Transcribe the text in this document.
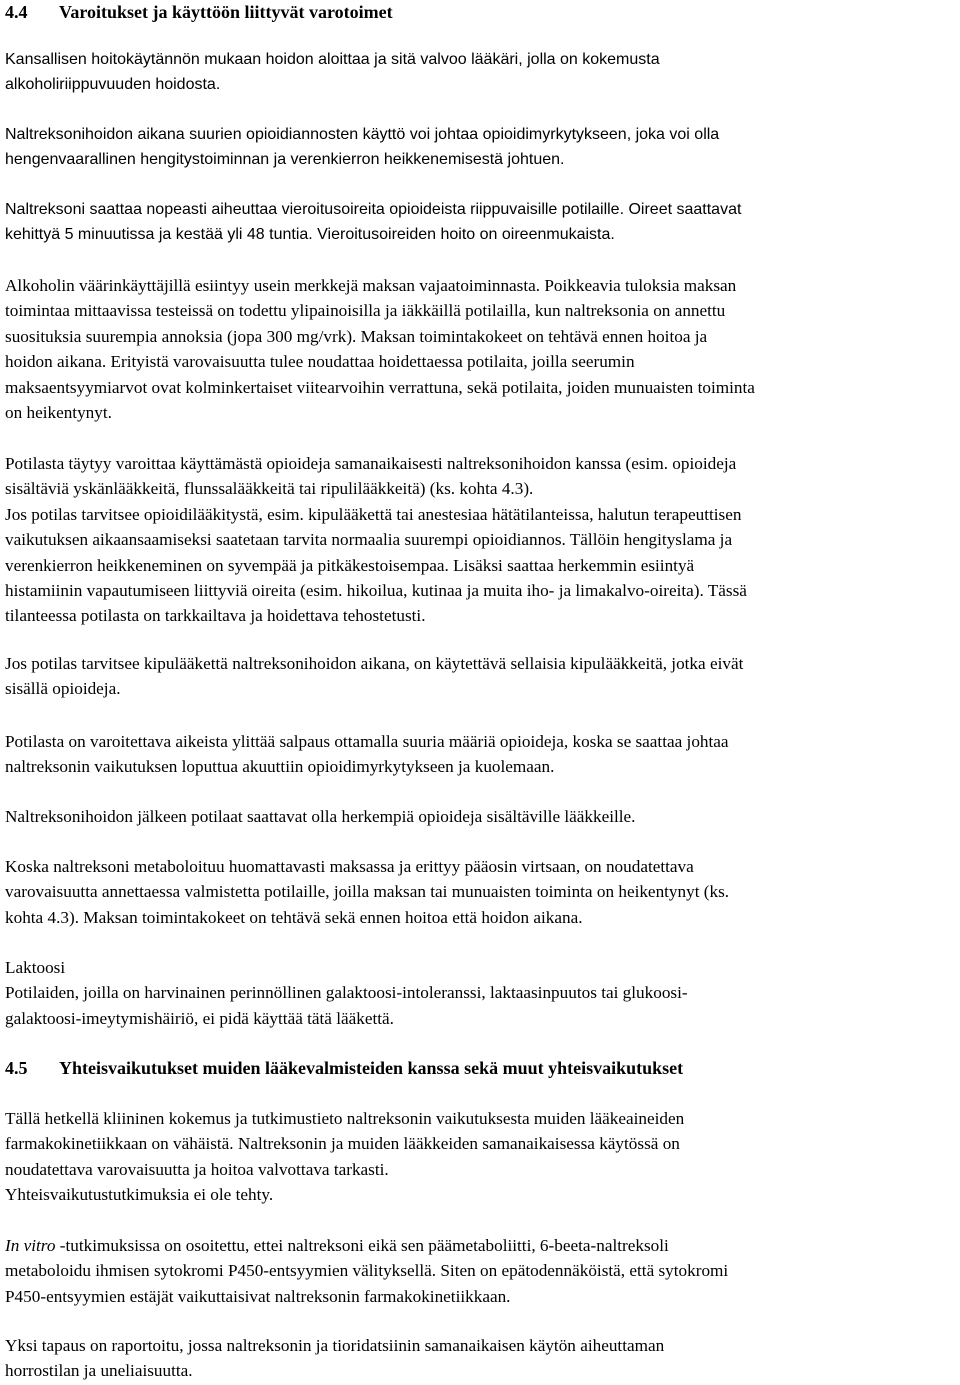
4.4 Varoitukset ja käyttöön liittyvät varotoimet
Kansallisen hoitokäytännön mukaan hoidon aloittaa ja sitä valvoo lääkäri, jolla on kokemusta
alkoholiriippuvuuden hoidosta.
Naltreksonihoidon aikana suurien opioidiannosten käyttö voi johtaa opioidimyrkytykseen, joka voi olla
hengenvaarallinen hengitystoiminnan ja verenkierron heikkenemisestä johtuen.
Naltreksoni saattaa nopeasti aiheuttaa vieroitusoireita opioideista riippuvaisille potilaille. Oireet saattavat
kehittyä 5 minuutissa ja kestää yli 48 tuntia. Vieroitusoireiden hoito on oireenmukaista.
Alkoholin väärinkäyttäjillä esiintyy usein merkkejä maksan vajaatoiminnasta. Poikkeavia tuloksia maksan
toimintaa mittaavissa testeissä on todettu ylipainoisilla ja iäkkäillä potilailla, kun naltreksonia on annettu
suosituksia suurempia annoksia (jopa 300 mg/vrk). Maksan toimintakokeet on tehtävä ennen hoitoa ja
hoidon aikana. Erityistä varovaisuutta tulee noudattaa hoidettaessa potilaita, joilla seerumin
maksaentsyymiarvot ovat kolminkertaiset viitearvoihin verrattuna, sekä potilaita, joiden munuaisten toiminta
on heikentynyt.
Potilasta täytyy varoittaa käyttämästä opioideja samanaikaisesti naltreksonihoidon kanssa (esim. opioideja
sisältäviä yskänlääkkeitä, flunssalääkkeitä tai ripulilääkkeitä) (ks. kohta 4.3).
Jos potilas tarvitsee opioidilääkitystä, esim. kipulääkettä tai anestesiaa hätätilanteissa, halutun terapeuttisen
vaikutuksen aikaansaamiseksi saatetaan tarvita normaalia suurempi opioidiannos. Tällöin hengityslama ja
verenkierron heikkeneminen on syvempää ja pitkäkestoisempaa. Lisäksi saattaa herkemmin esiintyä
histamiinin vapautumiseen liittyviä oireita (esim. hikoilua, kutinaa ja muita iho- ja limakalvo-oireita). Tässä
tilanteessa potilasta on tarkkailtava ja hoidettava tehostetusti.
Jos potilas tarvitsee kipulääkettä naltreksonihoidon aikana, on käytettävä sellaisia kipulääkkeitä, jotka eivät
sisällä opioideja.
Potilasta on varoitettava aikeista ylittää salpaus ottamalla suuria määriä opioideja, koska se saattaa johtaa
naltreksonin vaikutuksen loputtua akuuttiin opioidimyrkytykseen ja kuolemaan.
Naltreksonihoidon jälkeen potilaat saattavat olla herkempiä opioideja sisältäville lääkkeille.
Koska naltreksoni metaboloituu huomattavasti maksassa ja erittyy pääosin virtsaan, on noudatettava
varovaisuutta annettaessa valmistetta potilaille, joilla maksan tai munuaisten toiminta on heikentynyt (ks.
kohta 4.3). Maksan toimintakokeet on tehtävä sekä ennen hoitoa että hoidon aikana.
Laktoosi
Potilaiden, joilla on harvinainen perinnöllinen galaktoosi-intoleranssi, laktaasinpuutos tai glukoosi-
galaktoosi-imeytymishäiriö, ei pidä käyttää tätä lääkettä.
4.5 Yhteisvaikutukset muiden lääkevalmisteiden kanssa sekä muut yhteisvaikutukset
Tällä hetkellä kliininen kokemus ja tutkimustieto naltreksonin vaikutuksesta muiden lääkeaineiden
farmakokinetiikkaan on vähäistä. Naltreksonin ja muiden lääkkeiden samanaikaisessa käytössä on
noudatettava varovaisuutta ja hoitoa valvottava tarkasti.
Yhteisvaikutustutkimuksia ei ole tehty.
In vitro -tutkimuksissa on osoitettu, ettei naltreksoni eikä sen päämetaboliitti, 6-beeta-naltreksoli
metaboloidu ihmisen sytokromi P450-entsyymien välityksellä. Siten on epätodennäköistä, että sytokromi
P450-entsyymien estäjät vaikuttaisivat naltreksonin farmakokinetiikkaan.
Yksi tapaus on raportoitu, jossa naltreksonin ja tioridatsiinin samanaikaisen käytön aiheuttaman
horrostilan ja uneliaisuutta.
